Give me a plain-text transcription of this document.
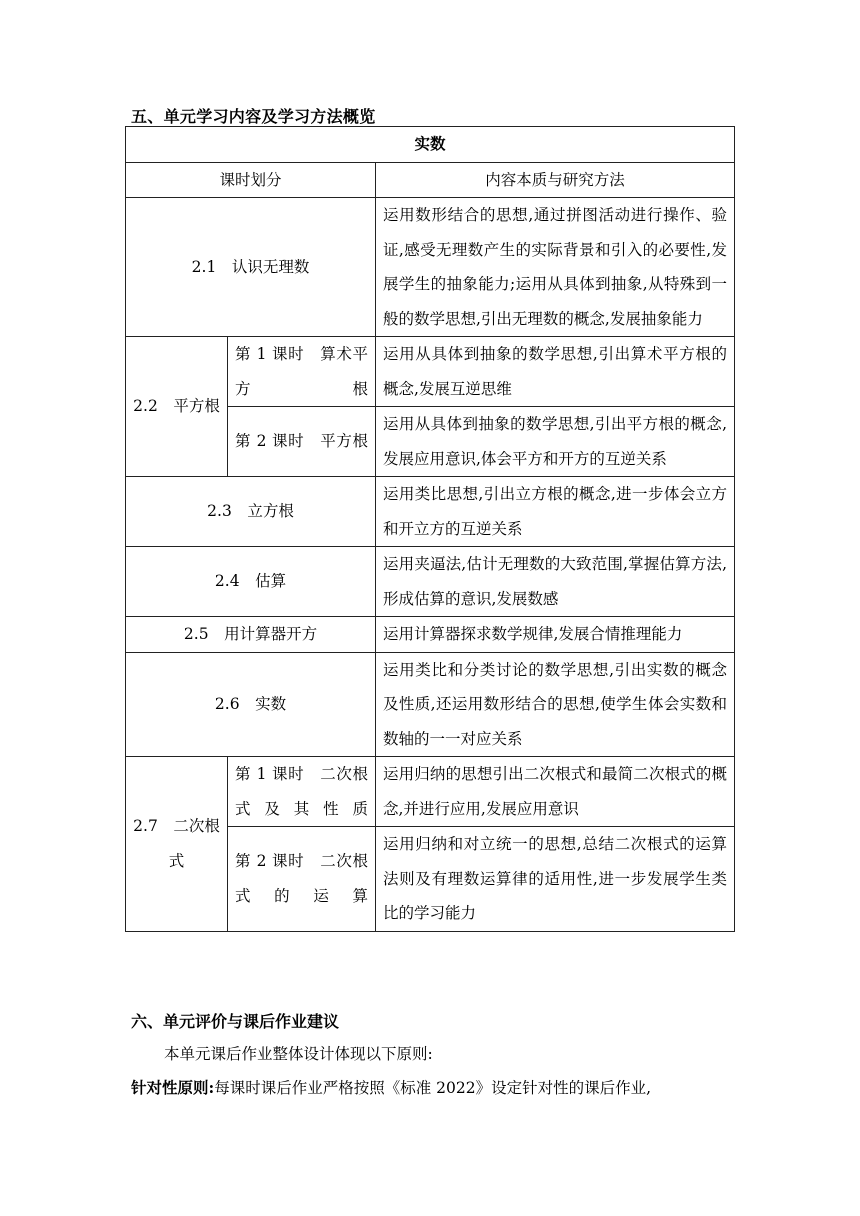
五、单元学习内容及学习方法概览
实数		
课时划分		内容本质与研究方法
2.1　认识无理数		运用数形结合的思想,通过拼图活动进行操作、验证,感受无理数产生的实际背景和引入的必要性,发展学生的抽象能力;运用从具体到抽象,从特殊到一般的数学思想,引出无理数的概念,发展抽象能力
2.2　平方根	第 1 课时　算术平方根	运用从具体到抽象的数学思想,引出算术平方根的概念,发展互逆思维
	第 2 课时　平方根	运用从具体到抽象的数学思想,引出平方根的概念,发展应用意识,体会平方和开方的互逆关系
2.3　立方根		运用类比思想,引出立方根的概念,进一步体会立方和开立方的互逆关系
2.4　估算		运用夹逼法,估计无理数的大致范围,掌握估算方法,形成估算的意识,发展数感
2.5　用计算器开方		运用计算器探求数学规律,发展合情推理能力
2.6　实数		运用类比和分类讨论的数学思想,引出实数的概念及性质,还运用数形结合的思想,使学生体会实数和数轴的一一对应关系
2.7　二次根式	第 1 课时　二次根式及其性质	运用归纳的思想引出二次根式和最简二次根式的概念,并进行应用,发展应用意识
	第 2 课时　二次根式的运算	运用归纳和对立统一的思想,总结二次根式的运算法则及有理数运算律的适用性,进一步发展学生类比的学习能力
六、单元评价与课后作业建议
本单元课后作业整体设计体现以下原则:
针对性原则:每课时课后作业严格按照《标准 2022》设定针对性的课后作业,
